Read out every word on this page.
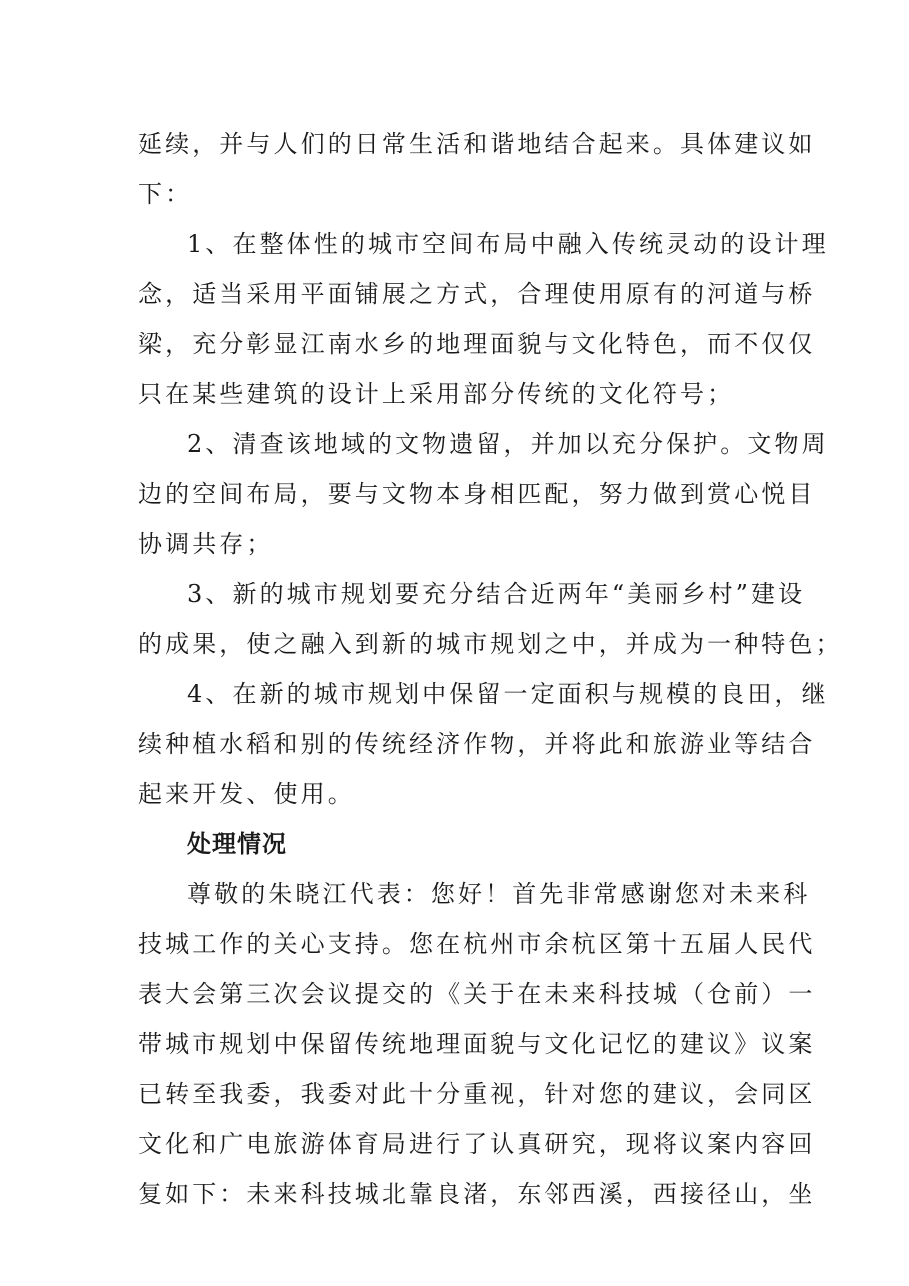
延续，并与人们的日常生活和谐地结合起来。具体建议如
下：
1、在整体性的城市空间布局中融入传统灵动的设计理
念，适当采用平面铺展之方式，合理使用原有的河道与桥
梁，充分彰显江南水乡的地理面貌与文化特色，而不仅仅
只在某些建筑的设计上采用部分传统的文化符号；
2、清查该地域的文物遗留，并加以充分保护。文物周
边的空间布局，要与文物本身相匹配，努力做到赏心悦目
协调共存；
3、新的城市规划要充分结合近两年“美丽乡村”建设
的成果，使之融入到新的城市规划之中，并成为一种特色；
4、在新的城市规划中保留一定面积与规模的良田，继
续种植水稻和别的传统经济作物，并将此和旅游业等结合
起来开发、使用。
处理情况
尊敬的朱晓江代表：您好！首先非常感谢您对未来科
技城工作的关心支持。您在杭州市余杭区第十五届人民代
表大会第三次会议提交的《关于在未来科技城（仓前）一
带城市规划中保留传统地理面貌与文化记忆的建议》议案
已转至我委，我委对此十分重视，针对您的建议，会同区
文化和广电旅游体育局进行了认真研究，现将议案内容回
复如下：未来科技城北靠良渚，东邻西溪，西接径山，坐
